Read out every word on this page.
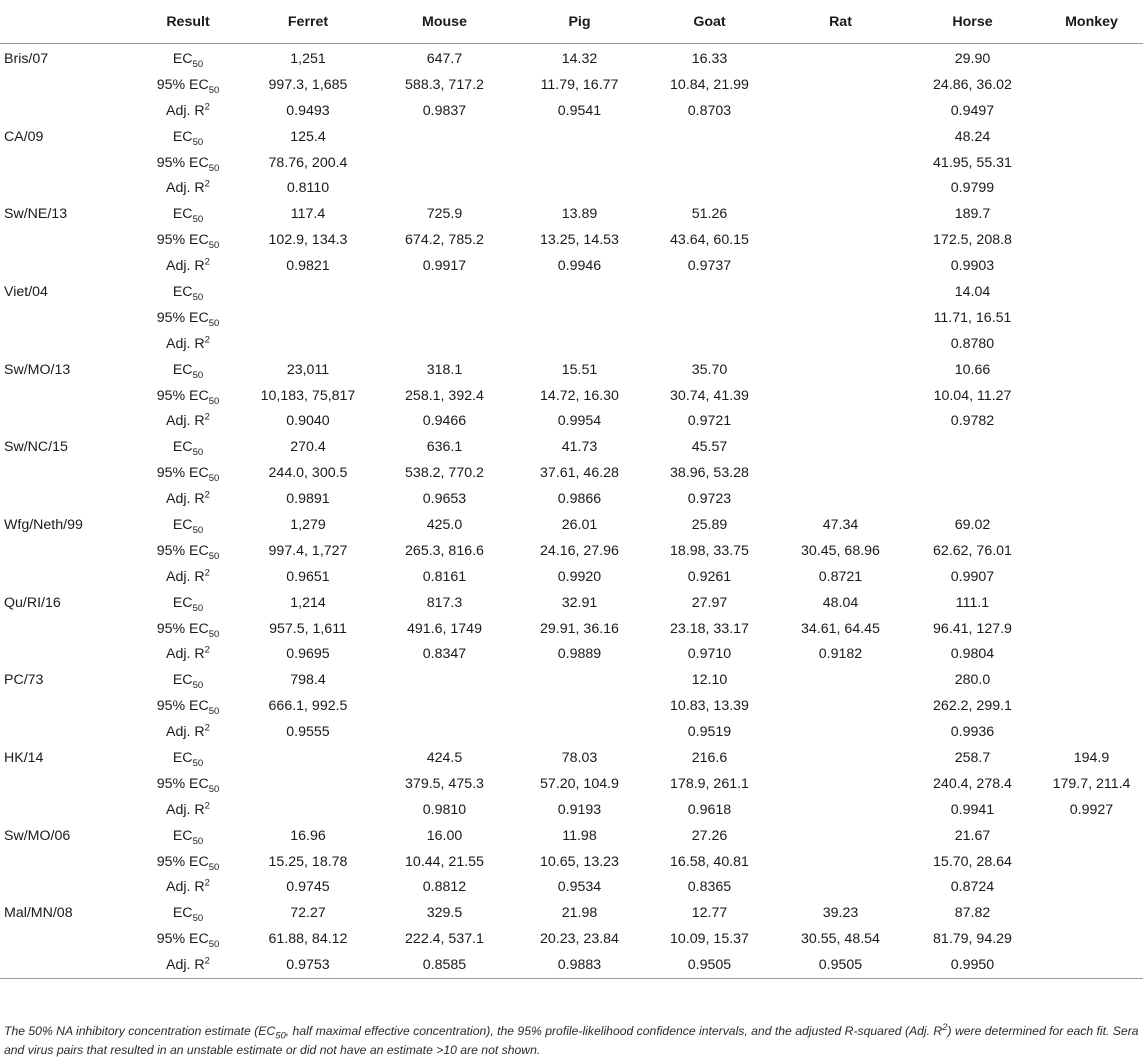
	Result	Ferret	Mouse	Pig	Goat	Rat	Horse	Monkey
Bris/07	$EC_{50}$	1,251	647.7	14.32	16.33		29.90	
	95% $EC_{50}$	997.3, 1,685	588.3, 717.2	11.79, 16.77	10.84, 21.99		24.86, 36.02	
	Adj. $R^2$	0.9493	0.9837	0.9541	0.8703		0.9497	
CA/09	$EC_{50}$	125.4					48.24	
	95% $EC_{50}$	78.76, 200.4					41.95, 55.31	
	Adj. $R^2$	0.8110					0.9799	
Sw/NE/13	$EC_{50}$	117.4	725.9	13.89	51.26		189.7	
	95% $EC_{50}$	102.9, 134.3	674.2, 785.2	13.25, 14.53	43.64, 60.15		172.5, 208.8	
	Adj. $R^2$	0.9821	0.9917	0.9946	0.9737		0.9903	
Viet/04	$EC_{50}$						14.04	
	95% $EC_{50}$						11.71, 16.51	
	Adj. $R^2$						0.8780	
Sw/MO/13	$EC_{50}$	23,011	318.1	15.51	35.70		10.66	
	95% $EC_{50}$	10,183, 75,817	258.1, 392.4	14.72, 16.30	30.74, 41.39		10.04, 11.27	
	Adj. $R^2$	0.9040	0.9466	0.9954	0.9721		0.9782	
Sw/NC/15	$EC_{50}$	270.4	636.1	41.73	45.57			
	95% $EC_{50}$	244.0, 300.5	538.2, 770.2	37.61, 46.28	38.96, 53.28			
	Adj. $R^2$	0.9891	0.9653	0.9866	0.9723			
Wfg/Neth/99	$EC_{50}$	1,279	425.0	26.01	25.89	47.34	69.02	
	95% $EC_{50}$	997.4, 1,727	265.3, 816.6	24.16, 27.96	18.98, 33.75	30.45, 68.96	62.62, 76.01	
	Adj. $R^2$	0.9651	0.8161	0.9920	0.9261	0.8721	0.9907	
Qu/RI/16	$EC_{50}$	1,214	817.3	32.91	27.97	48.04	111.1	
	95% $EC_{50}$	957.5, 1,611	491.6, 1749	29.91, 36.16	23.18, 33.17	34.61, 64.45	96.41, 127.9	
	Adj. $R^2$	0.9695	0.8347	0.9889	0.9710	0.9182	0.9804	
PC/73	$EC_{50}$	798.4			12.10		280.0	
	95% $EC_{50}$	666.1, 992.5			10.83, 13.39		262.2, 299.1	
	Adj. $R^2$	0.9555			0.9519		0.9936	
HK/14	$EC_{50}$		424.5	78.03	216.6		258.7	194.9
	95% $EC_{50}$		379.5, 475.3	57.20, 104.9	178.9, 261.1		240.4, 278.4	179.7, 211.4
	Adj. $R^2$		0.9810	0.9193	0.9618		0.9941	0.9927
Sw/MO/06	$EC_{50}$	16.96	16.00	11.98	27.26		21.67	
	95% $EC_{50}$	15.25, 18.78	10.44, 21.55	10.65, 13.23	16.58, 40.81		15.70, 28.64	
	Adj. $R^2$	0.9745	0.8812	0.9534	0.8365		0.8724	
Mal/MN/08	$EC_{50}$	72.27	329.5	21.98	12.77	39.23	87.82	
	95% $EC_{50}$	61.88, 84.12	222.4, 537.1	20.23, 23.84	10.09, 15.37	30.55, 48.54	81.79, 94.29	
	Adj. $R^2$	0.9753	0.8585	0.9883	0.9505	0.9505	0.9950	

The 50% NA inhibitory concentration estimate ($EC_{50}$, half maximal effective concentration), the 95% profile-likelihood confidence intervals, and the adjusted R-squared (Adj. $R^2$) were determined for each fit. Sera and virus pairs that resulted in an unstable estimate or did not have an estimate >10 are not shown.
